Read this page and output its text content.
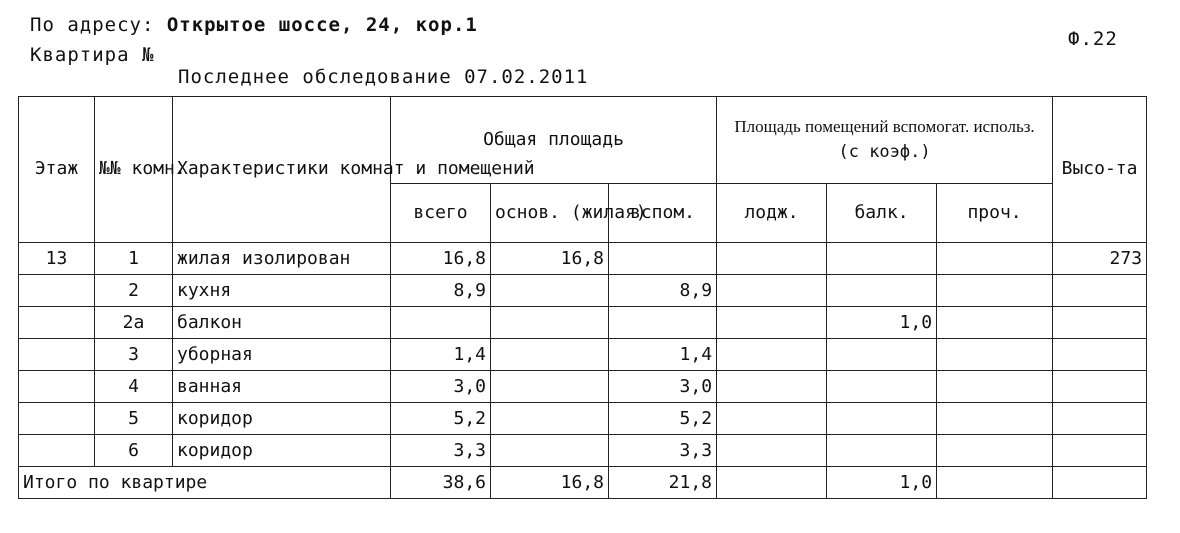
По адресу: Открытое шоссе, 24, кор.1
Квартира №
Ф.22
Последнее обследование 07.02.2011
Этаж	№№ комн.	Характеристики комнат и помещений	Общая площадь			Площадь помещений вспомогат. использ.
(с коэф.)			Высо-та
			всего	основ. (жилая)	вспом.	лодж.	балк.	проч.	
13	1	жилая изолирован	16,8	16,8					273
	2	кухня	8,9		8,9				
	2а	балкон					1,0		
	3	уборная	1,4		1,4				
	4	ванная	3,0		3,0				
	5	коридор	5,2		5,2				
	6	коридор	3,3		3,3				
Итого по квартире			38,6	16,8	21,8		1,0		
